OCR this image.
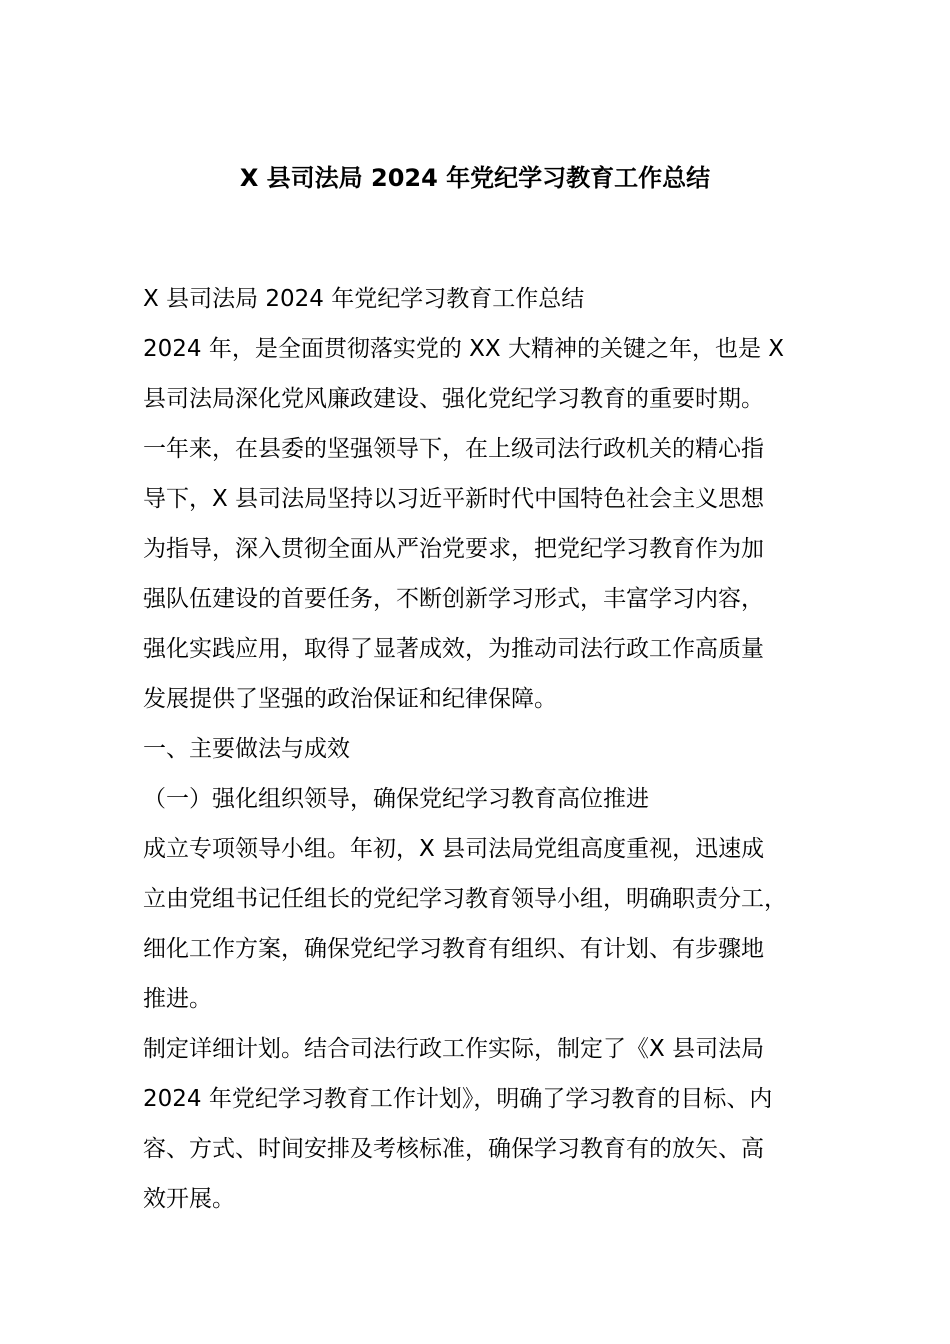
X 县司法局 2024 年党纪学习教育工作总结
X 县司法局 2024 年党纪学习教育工作总结
2024 年，是全面贯彻落实党的 XX 大精神的关键之年，也是 X
县司法局深化党风廉政建设、强化党纪学习教育的重要时期。
一年来，在县委的坚强领导下，在上级司法行政机关的精心指
导下，X 县司法局坚持以习近平新时代中国特色社会主义思想
为指导，深入贯彻全面从严治党要求，把党纪学习教育作为加
强队伍建设的首要任务，不断创新学习形式，丰富学习内容，
强化实践应用，取得了显著成效，为推动司法行政工作高质量
发展提供了坚强的政治保证和纪律保障。
一、主要做法与成效
（一）强化组织领导，确保党纪学习教育高位推进
成立专项领导小组。年初，X 县司法局党组高度重视，迅速成
立由党组书记任组长的党纪学习教育领导小组，明确职责分工，
细化工作方案，确保党纪学习教育有组织、有计划、有步骤地
推进。
制定详细计划。结合司法行政工作实际，制定了《X 县司法局
2024 年党纪学习教育工作计划》，明确了学习教育的目标、内
容、方式、时间安排及考核标准，确保学习教育有的放矢、高
效开展。
